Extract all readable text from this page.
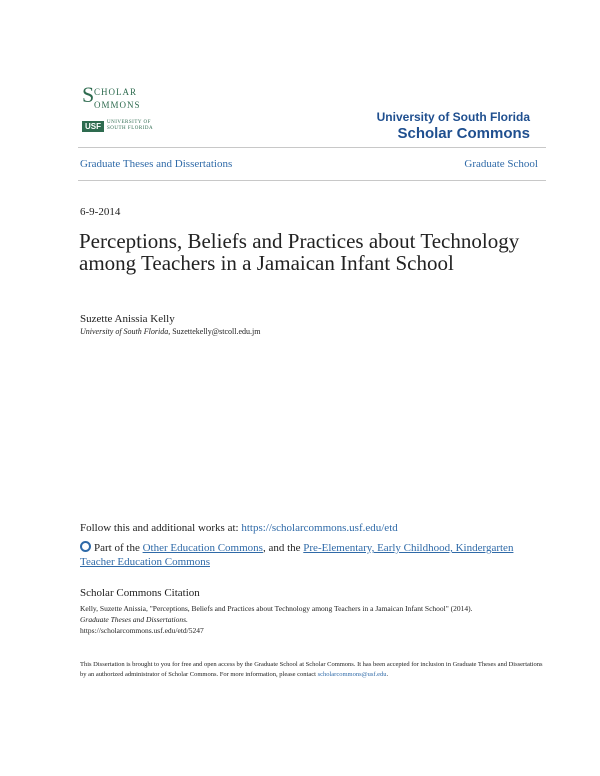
S CHOLAR
OMMONS
USF	UNIVERSITY OF
SOUTH FLORIDA
University of South Florida
Scholar Commons
Graduate Theses and Dissertations	Graduate School
6-9-2014
Perceptions, Beliefs and Practices about Technology among Teachers in a Jamaican Infant School
Suzette Anissia Kelly
University of South Florida, Suzettekelly@stcoll.edu.jm
Follow this and additional works at: https://scholarcommons.usf.edu/etd
Part of the Other Education Commons, and the Pre-Elementary, Early Childhood, Kindergarten Teacher Education Commons
Scholar Commons Citation
Kelly, Suzette Anissia, "Perceptions, Beliefs and Practices about Technology among Teachers in a Jamaican Infant School" (2014).
Graduate Theses and Dissertations.
https://scholarcommons.usf.edu/etd/5247
This Dissertation is brought to you for free and open access by the Graduate School at Scholar Commons. It has been accepted for inclusion in Graduate Theses and Dissertations by an authorized administrator of Scholar Commons. For more information, please contact scholarcommons@usf.edu.
